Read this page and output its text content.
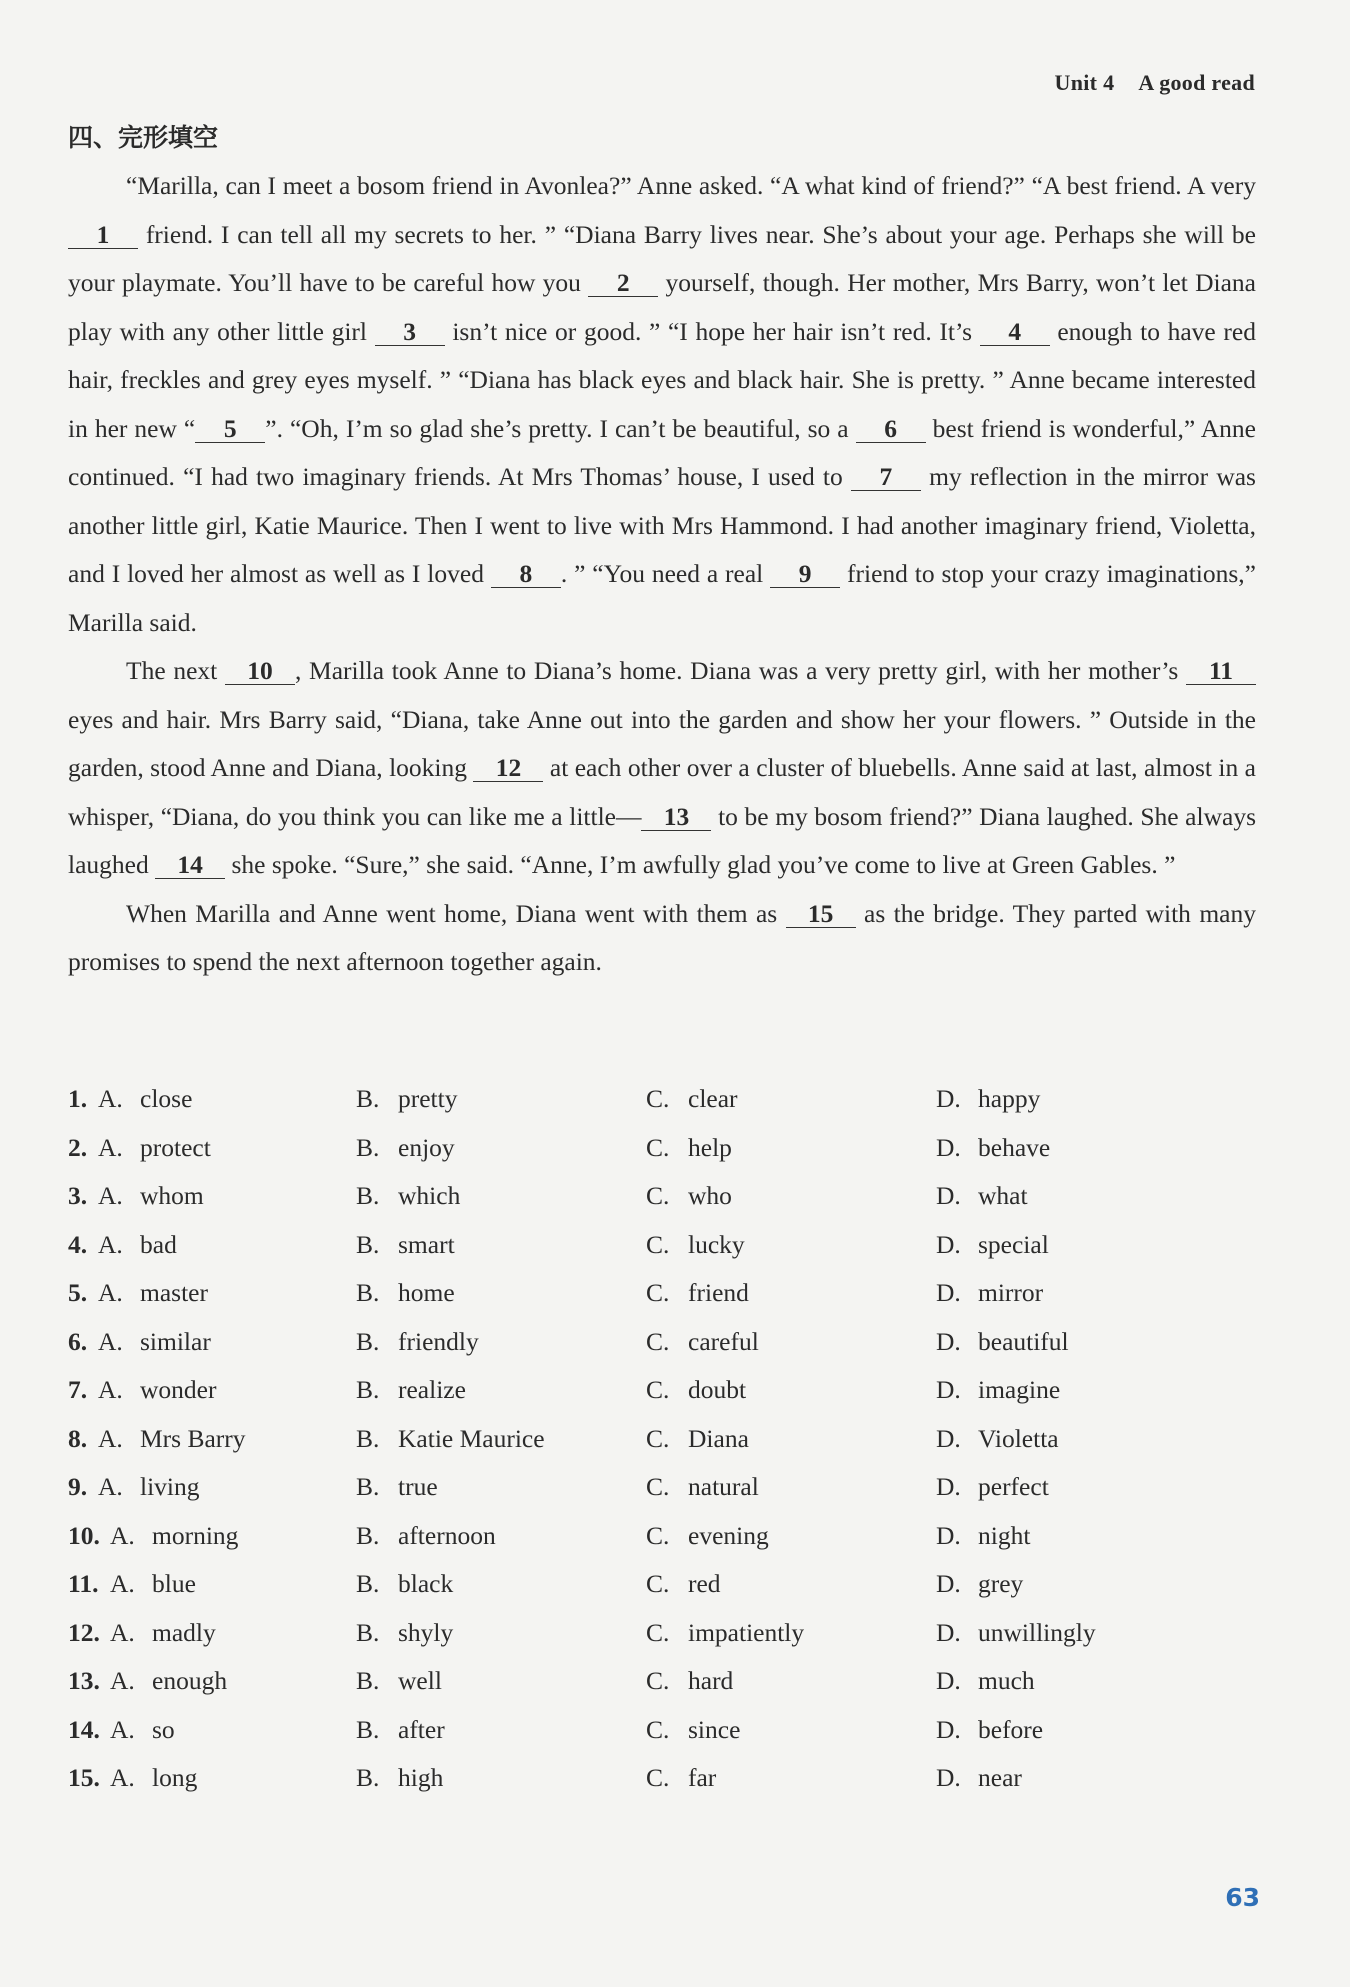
Unit 4 A good read
四、完形填空

“Marilla, can I meet a bosom friend in Avonlea?” Anne asked. “A what kind of friend?” “A best friend. A very 1 friend. I can tell all my secrets to her. ” “Diana Barry lives near. She’s about your age. Perhaps she will be your playmate. You’ll have to be careful how you 2 yourself, though. Her mother, Mrs Barry, won’t let Diana play with any other little girl 3 isn’t nice or good. ” “I hope her hair isn’t red. It’s 4 enough to have red hair, freckles and grey eyes myself. ” “Diana has black eyes and black hair. She is pretty. ” Anne became interested in her new “ 5 ”. “Oh, I’m so glad she’s pretty. I can’t be beautiful, so a 6 best friend is wonderful,” Anne continued. “I had two imaginary friends. At Mrs Thomas’ house, I used to 7 my reflection in the mirror was another little girl, Katie Maurice. Then I went to live with Mrs Hammond. I had another imaginary friend, Violetta, and I loved her almost as well as I loved 8 . ” “You need a real 9 friend to stop your crazy imaginations,” Marilla said.

The next 10 , Marilla took Anne to Diana’s home. Diana was a very pretty girl, with her mother’s 11 eyes and hair. Mrs Barry said, “Diana, take Anne out into the garden and show her your flowers. ” Outside in the garden, stood Anne and Diana, looking 12 at each other over a cluster of bluebells. Anne said at last, almost in a whisper, “Diana, do you think you can like me a little— 13 to be my bosom friend?” Diana laughed. She always laughed 14 she spoke. “Sure,” she said. “Anne, I’m awfully glad you’ve come to live at Green Gables. ”

When Marilla and Anne went home, Diana went with them as 15 as the bridge. They parted with many promises to spend the next afternoon together again.

1. A. close	B. pretty	C. clear	D. happy
2. A. protect	B. enjoy	C. help	D. behave
3. A. whom	B. which	C. who	D. what
4. A. bad	B. smart	C. lucky	D. special
5. A. master	B. home	C. friend	D. mirror
6. A. similar	B. friendly	C. careful	D. beautiful
7. A. wonder	B. realize	C. doubt	D. imagine
8. A. Mrs Barry	B. Katie Maurice	C. Diana	D. Violetta
9. A. living	B. true	C. natural	D. perfect
10. A. morning	B. afternoon	C. evening	D. night
11. A. blue	B. black	C. red	D. grey
12. A. madly	B. shyly	C. impatiently	D. unwillingly
13. A. enough	B. well	C. hard	D. much
14. A. so	B. after	C. since	D. before
15. A. long	B. high	C. far	D. near
63
